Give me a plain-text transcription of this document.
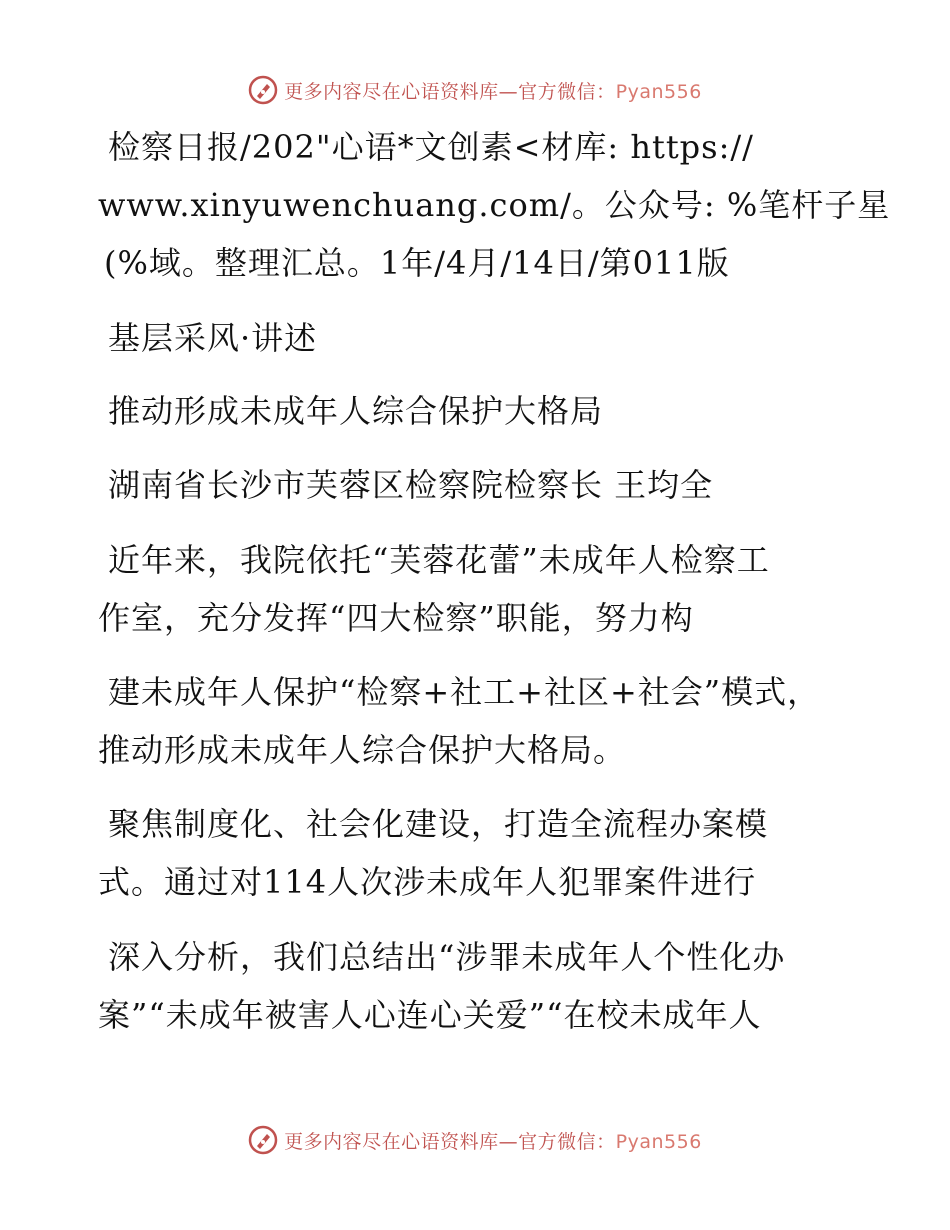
更多内容尽在心语资料库—官方微信：Pyan556
检察日报/202"心语*文创素<材库: https://
www.xinyuwenchuang.com/。公众号: %笔杆子星
(%域。整理汇总。1年/4月/14日/第011版
基层采风·讲述
推动形成未成年人综合保护大格局
湖南省长沙市芙蓉区检察院检察长 王均全
近年来，我院依托“芙蓉花蕾”未成年人检察工
作室，充分发挥“四大检察”职能，努力构
建未成年人保护“检察+社工+社区+社会”模式，
推动形成未成年人综合保护大格局。
聚焦制度化、社会化建设，打造全流程办案模
式。通过对114人次涉未成年人犯罪案件进行
深入分析，我们总结出“涉罪未成年人个性化办
案”“未成年被害人心连心关爱”“在校未成年人
更多内容尽在心语资料库—官方微信：Pyan556
